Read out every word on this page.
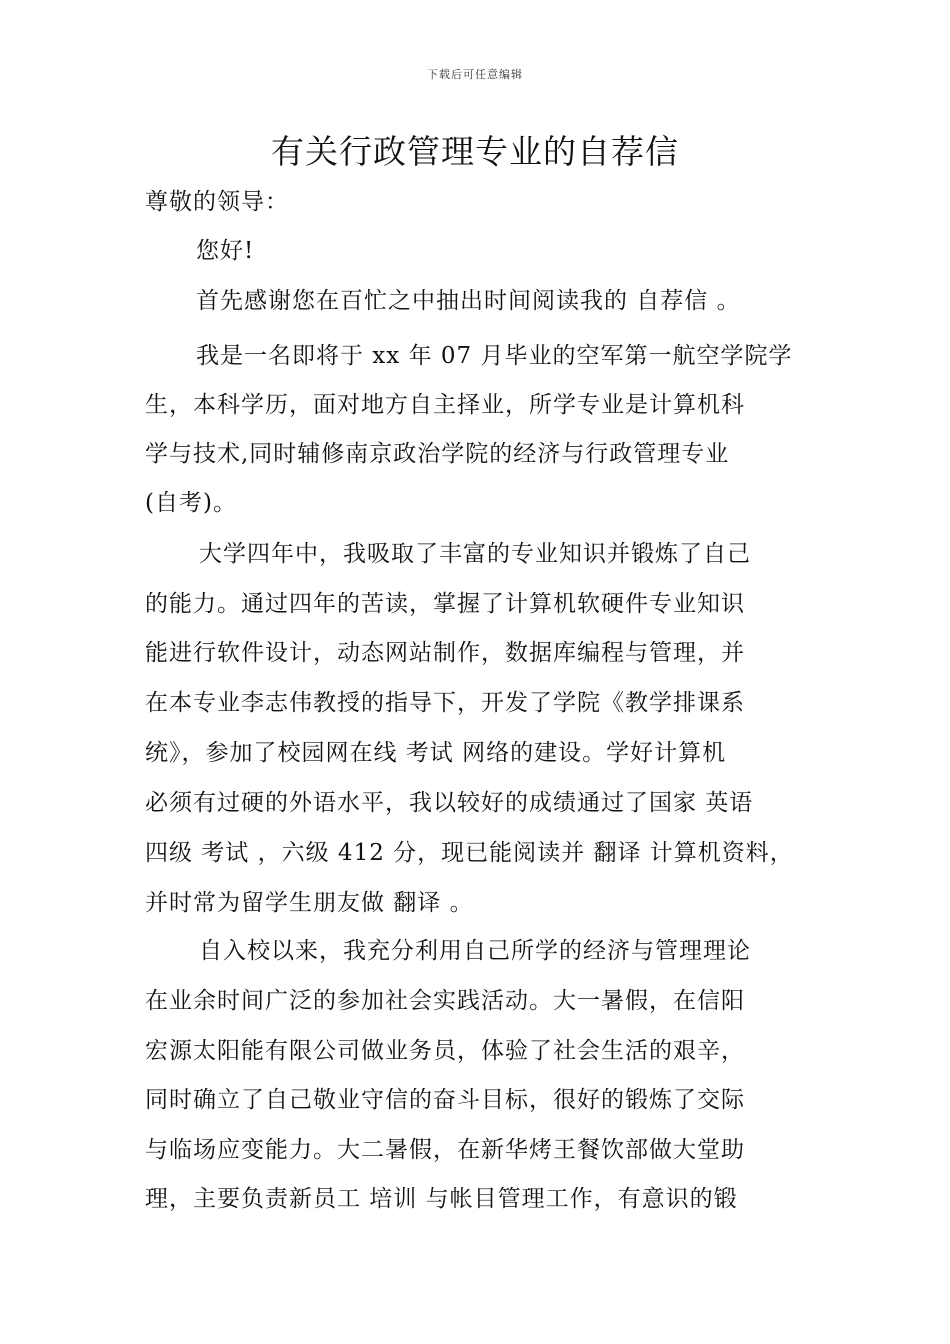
下载后可任意编辑
有关行政管理专业的自荐信
尊敬的领导：
您好!
首先感谢您在百忙之中抽出时间阅读我的 自荐信 。
我是一名即将于 xx 年 07 月毕业的空军第一航空学院学
生，本科学历，面对地方自主择业，所学专业是计算机科
学与技术,同时辅修南京政治学院的经济与行政管理专业
(自考)。
大学四年中，我吸取了丰富的专业知识并锻炼了自己
的能力。通过四年的苦读，掌握了计算机软硬件专业知识
能进行软件设计，动态网站制作，数据库编程与管理，并
在本专业李志伟教授的指导下，开发了学院《教学排课系
统》，参加了校园网在线 考试 网络的建设。学好计算机
必须有过硬的外语水平，我以较好的成绩通过了国家 英语
四级 考试 ，六级 412 分，现已能阅读并 翻译 计算机资料，
并时常为留学生朋友做 翻译 。
自入校以来，我充分利用自己所学的经济与管理理论
在业余时间广泛的参加社会实践活动。大一暑假，在信阳
宏源太阳能有限公司做业务员，体验了社会生活的艰辛，
同时确立了自己敬业守信的奋斗目标，很好的锻炼了交际
与临场应变能力。大二暑假，在新华烤王餐饮部做大堂助
理，主要负责新员工 培训 与帐目管理工作，有意识的锻
